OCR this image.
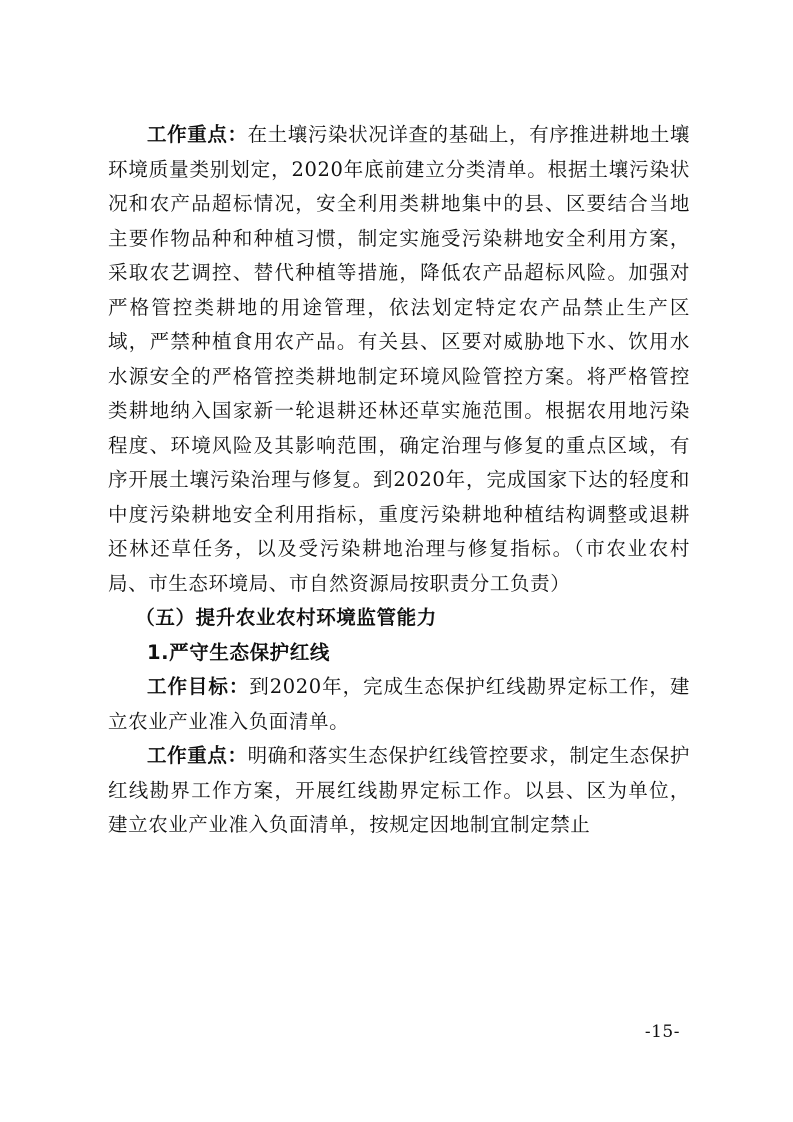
工作重点：在土壤污染状况详查的基础上，有序推进耕地土壤环境质量类别划定，2020年底前建立分类清单。根据土壤污染状况和农产品超标情况，安全利用类耕地集中的县、区要结合当地主要作物品种和种植习惯，制定实施受污染耕地安全利用方案，采取农艺调控、替代种植等措施，降低农产品超标风险。加强对严格管控类耕地的用途管理，依法划定特定农产品禁止生产区域，严禁种植食用农产品。有关县、区要对威胁地下水、饮用水水源安全的严格管控类耕地制定环境风险管控方案。将严格管控类耕地纳入国家新一轮退耕还林还草实施范围。根据农用地污染程度、环境风险及其影响范围，确定治理与修复的重点区域，有序开展土壤污染治理与修复。到2020年，完成国家下达的轻度和中度污染耕地安全利用指标，重度污染耕地种植结构调整或退耕还林还草任务，以及受污染耕地治理与修复指标。（市农业农村局、市生态环境局、市自然资源局按职责分工负责）

（五）提升农业农村环境监管能力

1.严守生态保护红线

工作目标：到2020年，完成生态保护红线勘界定标工作，建立农业产业准入负面清单。

工作重点：明确和落实生态保护红线管控要求，制定生态保护红线勘界工作方案，开展红线勘界定标工作。以县、区为单位，建立农业产业准入负面清单，按规定因地制宜制定禁止

-15-
